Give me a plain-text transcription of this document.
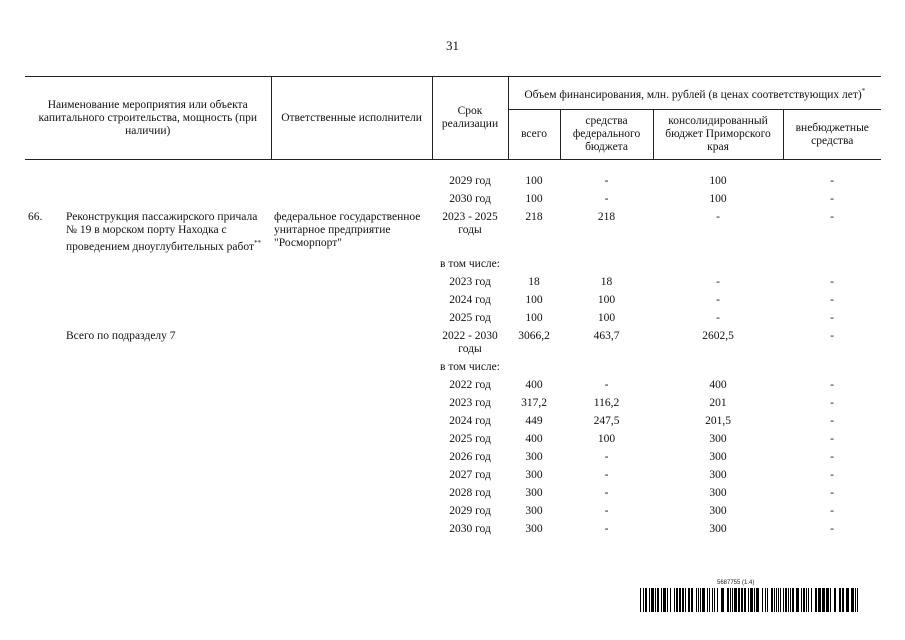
31
Наименование мероприятия или объекта капитального строительства, мощность (при наличии)		Ответственные исполнители	Срок реализации	Объем финансирования, млн. рублей (в ценах соответствующих лет)*
				всего	средства федерального бюджета	консолидированный бюджет Приморского края	внебюджетные средства

			2029 год	100	-	100	-
			2030 год	100	-	100	-
66.	Реконструкция пассажирского причала № 19 в морском порту Находка с проведением дноуглубительных работ**	федеральное государственное унитарное предприятие "Росморпорт"	2023 - 2025 годы	218	218	-	-
			в том числе:				
			2023 год	18	18	-	-
			2024 год	100	100	-	-
			2025 год	100	100	-	-
	Всего по подразделу 7		2022 - 2030 годы	3066,2	463,7	2602,5	-
			в том числе:				
			2022 год	400	-	400	-
			2023 год	317,2	116,2	201	-
			2024 год	449	247,5	201,5	-
			2025 год	400	100	300	-
			2026 год	300	-	300	-
			2027 год	300	-	300	-
			2028 год	300	-	300	-
			2029 год	300	-	300	-
			2030 год	300	-	300	-
5687755 (1.4)
